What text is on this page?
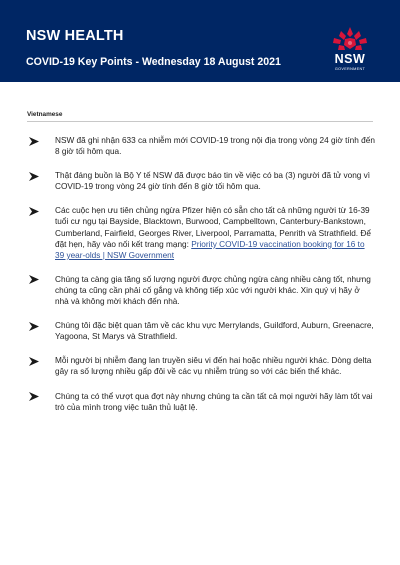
NSW HEALTH
COVID-19 Key Points - Wednesday 18 August 2021	NSW
GOVERNMENT
Vietnamese
NSW đã ghi nhận 633 ca nhiễm mới COVID-19 trong nội địa trong vòng 24 giờ tính đến 8 giờ tối hôm qua.
Thật đáng buồn là Bộ Y tế NSW đã được báo tin về việc có ba (3) người đã tử vong vì COVID-19 trong vòng 24 giờ tính đến 8 giờ tối hôm qua.
Các cuộc hẹn ưu tiên chủng ngừa Pfizer hiện có sẵn cho tất cả những người từ 16-39 tuổi cư ngụ tại Bayside, Blacktown, Burwood, Campbelltown, Canterbury-Bankstown, Cumberland, Fairfield, Georges River, Liverpool, Parramatta, Penrith và Strathfield. Để đặt hẹn, hãy vào nối kết trang mạng: Priority COVID-19 vaccination booking for 16 to 39 year-olds | NSW Government
Chúng ta càng gia tăng số lượng người được chủng ngừa càng nhiều càng tốt, nhưng chúng ta cũng cần phải cố gắng và không tiếp xúc với người khác. Xin quý vị hãy ở nhà và không mời khách đến nhà.
Chúng tôi đặc biệt quan tâm về các khu vực Merrylands, Guildford, Auburn, Greenacre, Yagoona, St Marys và Strathfield.
Mỗi người bị nhiễm đang lan truyền siêu vi đến hai hoặc nhiều người khác. Dòng delta gây ra số lượng nhiều gấp đôi về các vụ nhiễm trùng so với các biến thể khác.
Chúng ta có thể vượt qua đợt này nhưng chúng ta cần tất cả mọi người hãy làm tốt vai trò của mình trong việc tuân thủ luật lệ.
